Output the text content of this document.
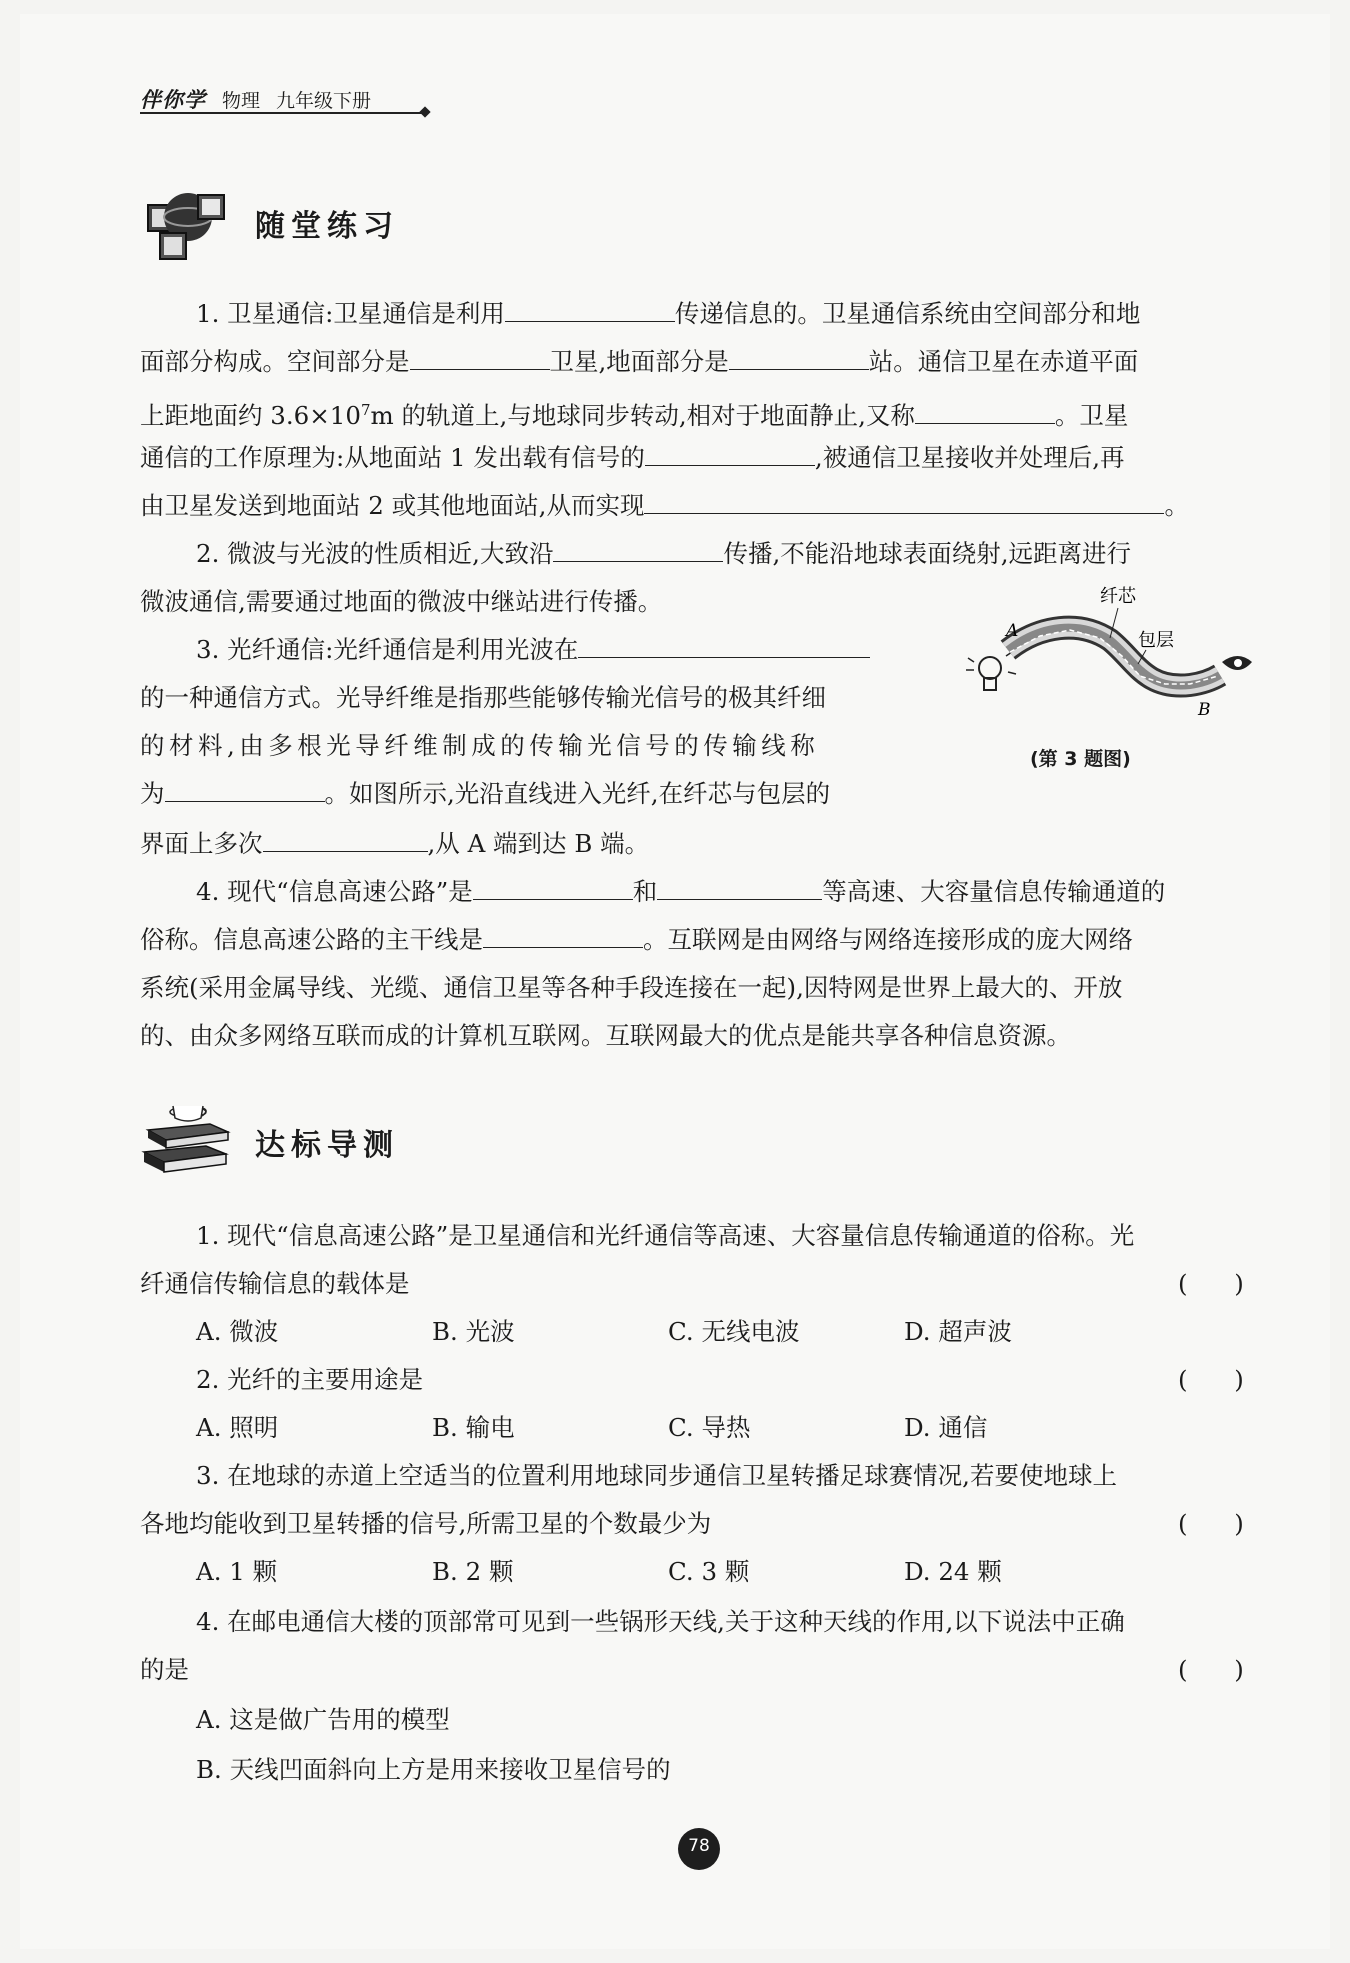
伴你学 物理 九年级下册
随堂练习
1. 卫星通信:卫星通信是利用	传递信息的。卫星通信系统由空间部分和地
面部分构成。空间部分是	卫星,地面部分是	站。通信卫星在赤道平面
上距地面约 $3.6\times 10^7m$ 的轨道上,与地球同步转动,相对于地面静止,又称	。卫星
通信的工作原理为:从地面站 1 发出载有信号的	,被通信卫星接收并处理后,再
由卫星发送到地面站 2 或其他地面站,从而实现	。
2. 微波与光波的性质相近,大致沿	传播,不能沿地球表面绕射,远距离进行
微波通信,需要通过地面的微波中继站进行传播。
3. 光纤通信:光纤通信是利用光波在
的一种通信方式。光导纤维是指那些能够传输光信号的极其纤细
的材料,由多根光导纤维制成的传输光信号的传输线称
为	。如图所示,光沿直线进入光纤,在纤芯与包层的
界面上多次	,从 A 端到达 B 端。
A
B
纤芯
包层
(第 3 题图)
4. 现代“信息高速公路”是	和	等高速、大容量信息传输通道的
俗称。信息高速公路的主干线是	。互联网是由网络与网络连接形成的庞大网络
系统(采用金属导线、光缆、通信卫星等各种手段连接在一起),因特网是世界上最大的、开放
的、由众多网络互联而成的计算机互联网。互联网最大的优点是能共享各种信息资源。
达标导测
1. 现代“信息高速公路”是卫星通信和光纤通信等高速、大容量信息传输通道的俗称。光
纤通信传输信息的载体是	(      )
A. 微波	B. 光波	C. 无线电波	D. 超声波
2. 光纤的主要用途是	(      )
A. 照明	B. 输电	C. 导热	D. 通信
3. 在地球的赤道上空适当的位置利用地球同步通信卫星转播足球赛情况,若要使地球上
各地均能收到卫星转播的信号,所需卫星的个数最少为	(      )
A. 1 颗	B. 2 颗	C. 3 颗	D. 24 颗
4. 在邮电通信大楼的顶部常可见到一些锅形天线,关于这种天线的作用,以下说法中正确
的是	(      )
A. 这是做广告用的模型
B. 天线凹面斜向上方是用来接收卫星信号的
78
